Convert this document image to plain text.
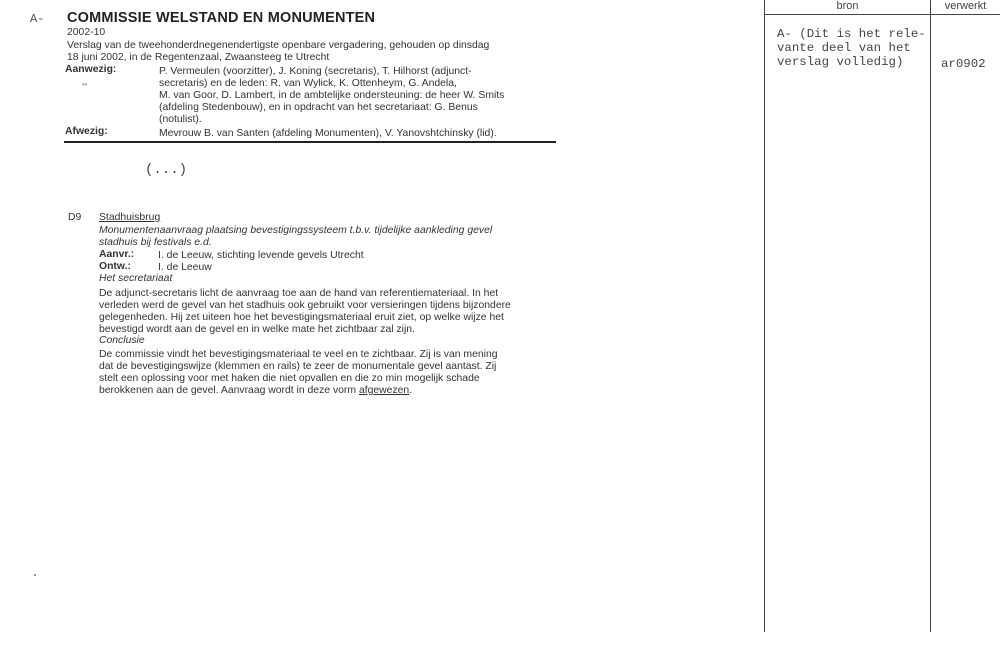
A- COMMISSIE WELSTAND EN MONUMENTEN
2002-10
Verslag van de tweehonderdnegenendertigste openbare vergadering, gehouden op dinsdag
18 juni 2002, in de Regentenzaal, Zwaansteeg te Utrecht
Aanwezig:	P. Vermeulen (voorzitter), J. Koning (secretaris), T. Hilhorst (adjunct-
secretaris) en de leden: R. van Wylick, K. Ottenheym, G. Andela,
M. van Goor, D. Lambert, in de ambtelijke ondersteuning: de heer W. Smits
(afdeling Stedenbouw), en in opdracht van het secretariaat: G. Benus
(notulist).
••
Afwezig:	Mevrouw B. van Santen (afdeling Monumenten), V. Yanovshtchinsky (lid).
(...)
D9 Stadhuisbrug
Monumentenaanvraag plaatsing bevestigingssysteem t.b.v. tijdelijke aankleding gevel
stadhuis bij festivals e.d.
Aanvr.: I. de Leeuw, stichting levende gevels Utrecht
Ontw.:	I. de Leeuw
Het secretariaat
De adjunct-secretaris licht de aanvraag toe aan de hand van referentiemateriaal. In het
verleden werd de gevel van het stadhuis ook gebruikt voor versieringen tijdens bijzondere
gelegenheden. Hij zet uiteen hoe het bevestigingsmateriaal eruit ziet, op welke wijze het
bevestigd wordt aan de gevel en in welke mate het zichtbaar zal zijn.
Conclusie
De commissie vindt het bevestigingsmateriaal te veel en te zichtbaar. Zij is van mening
dat de bevestigingswijze (klemmen en rails) te zeer de monumentale gevel aantast. Zij
stelt een oplossing voor met haken die niet opvallen en die zo min mogelijk schade
berokkenen aan de gevel. Aanvraag wordt in deze vorm afgewezen.
bron	verwerkt
A- (Dit is het rele-
vante deel van het
verslag volledig)	ar0902
